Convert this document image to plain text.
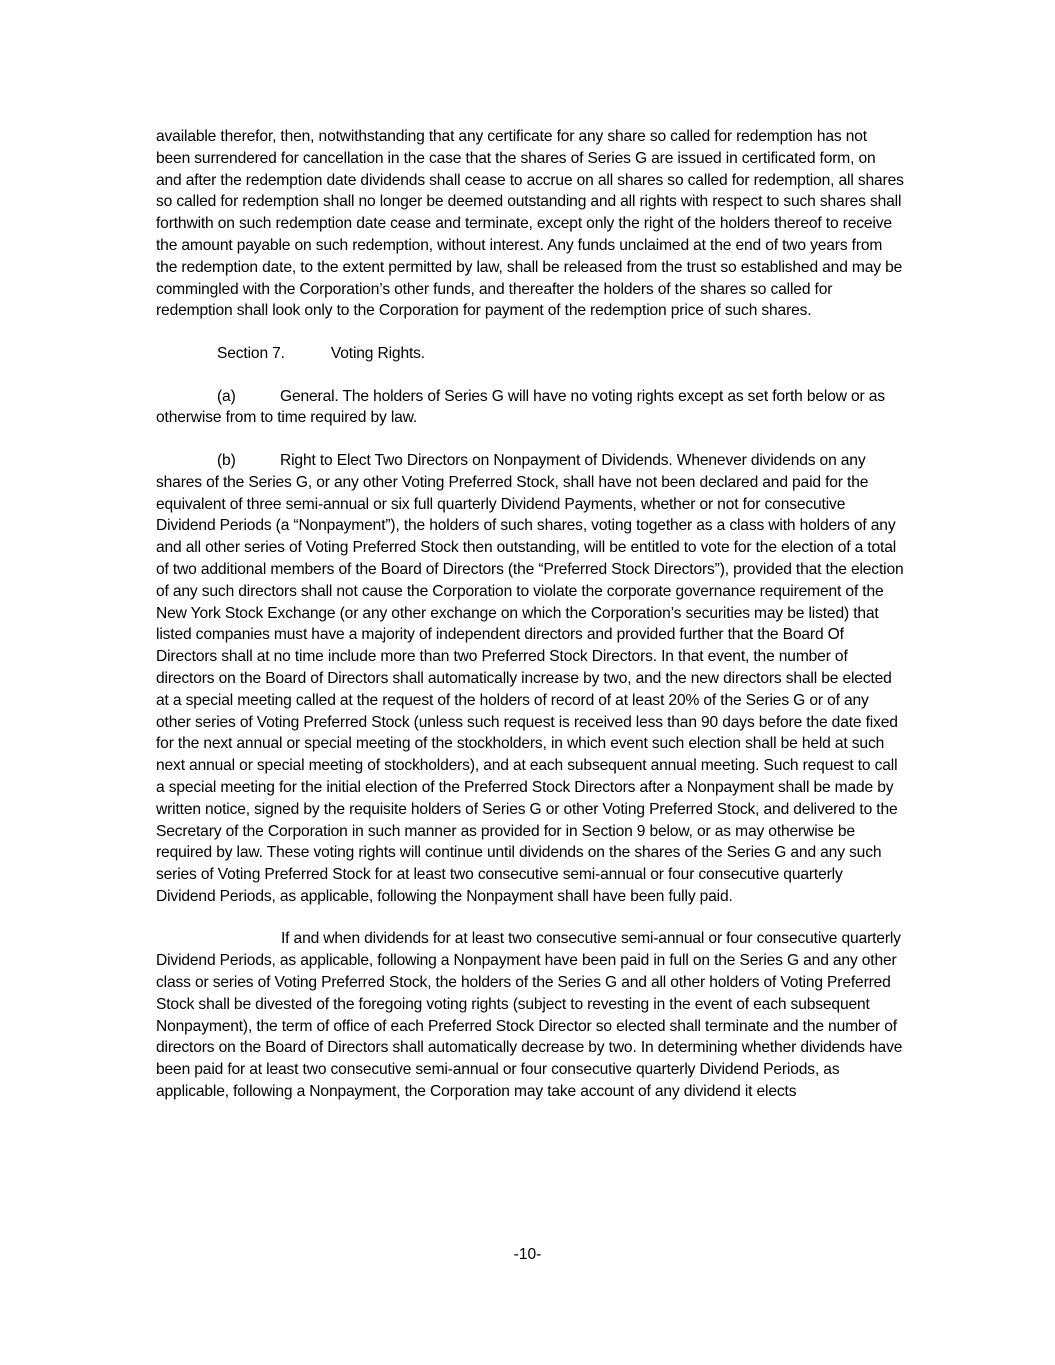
available therefor, then, notwithstanding that any certificate for any share so called for redemption has not been surrendered for cancellation in the case that the shares of Series G are issued in certificated form, on and after the redemption date dividends shall cease to accrue on all shares so called for redemption, all shares so called for redemption shall no longer be deemed outstanding and all rights with respect to such shares shall forthwith on such redemption date cease and terminate, except only the right of the holders thereof to receive the amount payable on such redemption, without interest. Any funds unclaimed at the end of two years from the redemption date, to the extent permitted by law, shall be released from the trust so established and may be commingled with the Corporation’s other funds, and thereafter the holders of the shares so called for redemption shall look only to the Corporation for payment of the redemption price of such shares.

Section 7.	Voting Rights.

(a)	General. The holders of Series G will have no voting rights except as set forth below or as otherwise from to time required by law.

(b)	Right to Elect Two Directors on Nonpayment of Dividends. Whenever dividends on any shares of the Series G, or any other Voting Preferred Stock, shall have not been declared and paid for the equivalent of three semi-annual or six full quarterly Dividend Payments, whether or not for consecutive Dividend Periods (a “Nonpayment”), the holders of such shares, voting together as a class with holders of any and all other series of Voting Preferred Stock then outstanding, will be entitled to vote for the election of a total of two additional members of the Board of Directors (the “Preferred Stock Directors”), provided that the election of any such directors shall not cause the Corporation to violate the corporate governance requirement of the New York Stock Exchange (or any other exchange on which the Corporation’s securities may be listed) that listed companies must have a majority of independent directors and provided further that the Board Of Directors shall at no time include more than two Preferred Stock Directors. In that event, the number of directors on the Board of Directors shall automatically increase by two, and the new directors shall be elected at a special meeting called at the request of the holders of record of at least 20% of the Series G or of any other series of Voting Preferred Stock (unless such request is received less than 90 days before the date fixed for the next annual or special meeting of the stockholders, in which event such election shall be held at such next annual or special meeting of stockholders), and at each subsequent annual meeting. Such request to call a special meeting for the initial election of the Preferred Stock Directors after a Nonpayment shall be made by written notice, signed by the requisite holders of Series G or other Voting Preferred Stock, and delivered to the Secretary of the Corporation in such manner as provided for in Section 9 below, or as may otherwise be required by law. These voting rights will continue until dividends on the shares of the Series G and any such series of Voting Preferred Stock for at least two consecutive semi-annual or four consecutive quarterly Dividend Periods, as applicable, following the Nonpayment shall have been fully paid.

If and when dividends for at least two consecutive semi-annual or four consecutive quarterly Dividend Periods, as applicable, following a Nonpayment have been paid in full on the Series G and any other class or series of Voting Preferred Stock, the holders of the Series G and all other holders of Voting Preferred Stock shall be divested of the foregoing voting rights (subject to revesting in the event of each subsequent Nonpayment), the term of office of each Preferred Stock Director so elected shall terminate and the number of directors on the Board of Directors shall automatically decrease by two. In determining whether dividends have been paid for at least two consecutive semi-annual or four consecutive quarterly Dividend Periods, as applicable, following a Nonpayment, the Corporation may take account of any dividend it elects

-10-
